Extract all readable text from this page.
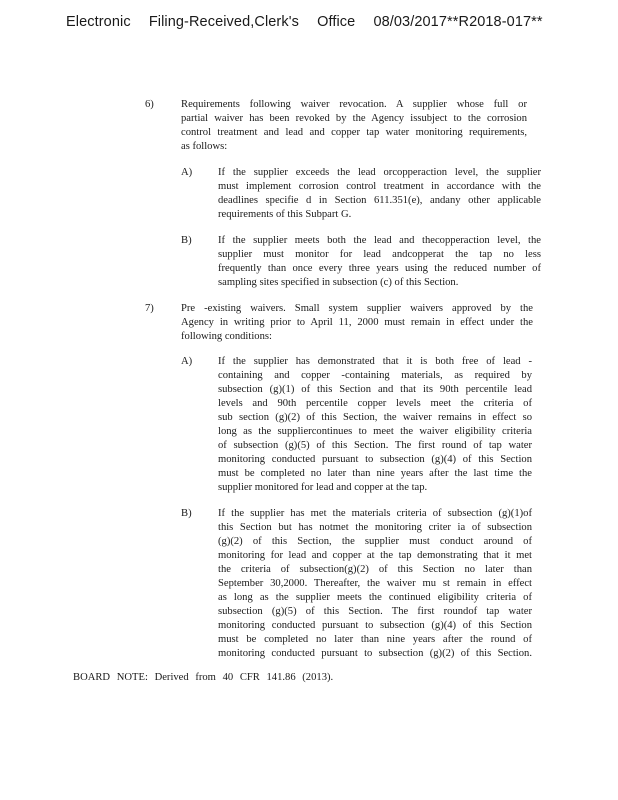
Electronic Filing-Received,Clerk's Office 08/03/2017**R2018-017**
6)	Requirements following waiver revocation. A supplier whose full or
partial waiver has been revoked by the Agency issubject to the corrosion
control treatment and lead and copper tap water monitoring requirements,
as follows:
A) If the supplier exceeds the lead orcopperaction level, the supplier
must implement corrosion control treatment in accordance with the
deadlines specifie d in Section 611.351(e), andany other applicable
requirements of this Subpart G.
B) If the supplier meets both the lead and thecopperaction level, the
supplier must monitor for lead andcopperat the tap no less
frequently than once every three years using the reduced number of
sampling sites specified in subsection (c) of this Section.
7)	Pre -existing waivers. Small system supplier waivers approved by the
Agency in writing prior to April 11, 2000 must remain in effect under the
following conditions:
A) If the supplier has demonstrated that it is both free of lead -
containing and copper -containing materials, as required by
subsection (g)(1) of this Section and that its 90th percentile lead
levels and 90th percentile copper levels meet the criteria of
sub section (g)(2) of this Section, the waiver remains in effect so
long as the suppliercontinues to meet the waiver eligibility criteria
of subsection (g)(5) of this Section. The first round of tap water
monitoring conducted pursuant to subsection (g)(4) of this Section
must be completed no later than nine years after the last time the
supplier monitored for lead and copper at the tap.
B) If the supplier has met the materials criteria of subsection (g)(1)of
this Section but has notmet the monitoring criter ia of subsection
(g)(2) of this Section, the supplier must conduct around of
monitoring for lead and copper at the tap demonstrating that it met
the criteria of subsection(g)(2) of this Section no later than
September 30,2000. Thereafter, the waiver mu st remain in effect
as long as the supplier meets the continued eligibility criteria of
subsection (g)(5) of this Section. The first roundof tap water
monitoring conducted pursuant to subsection (g)(4) of this Section
must be completed no later than nine years after the round of
monitoring conducted pursuant to subsection (g)(2) of this Section.
BOARD NOTE: Derived from 40 CFR 141.86 (2013).
